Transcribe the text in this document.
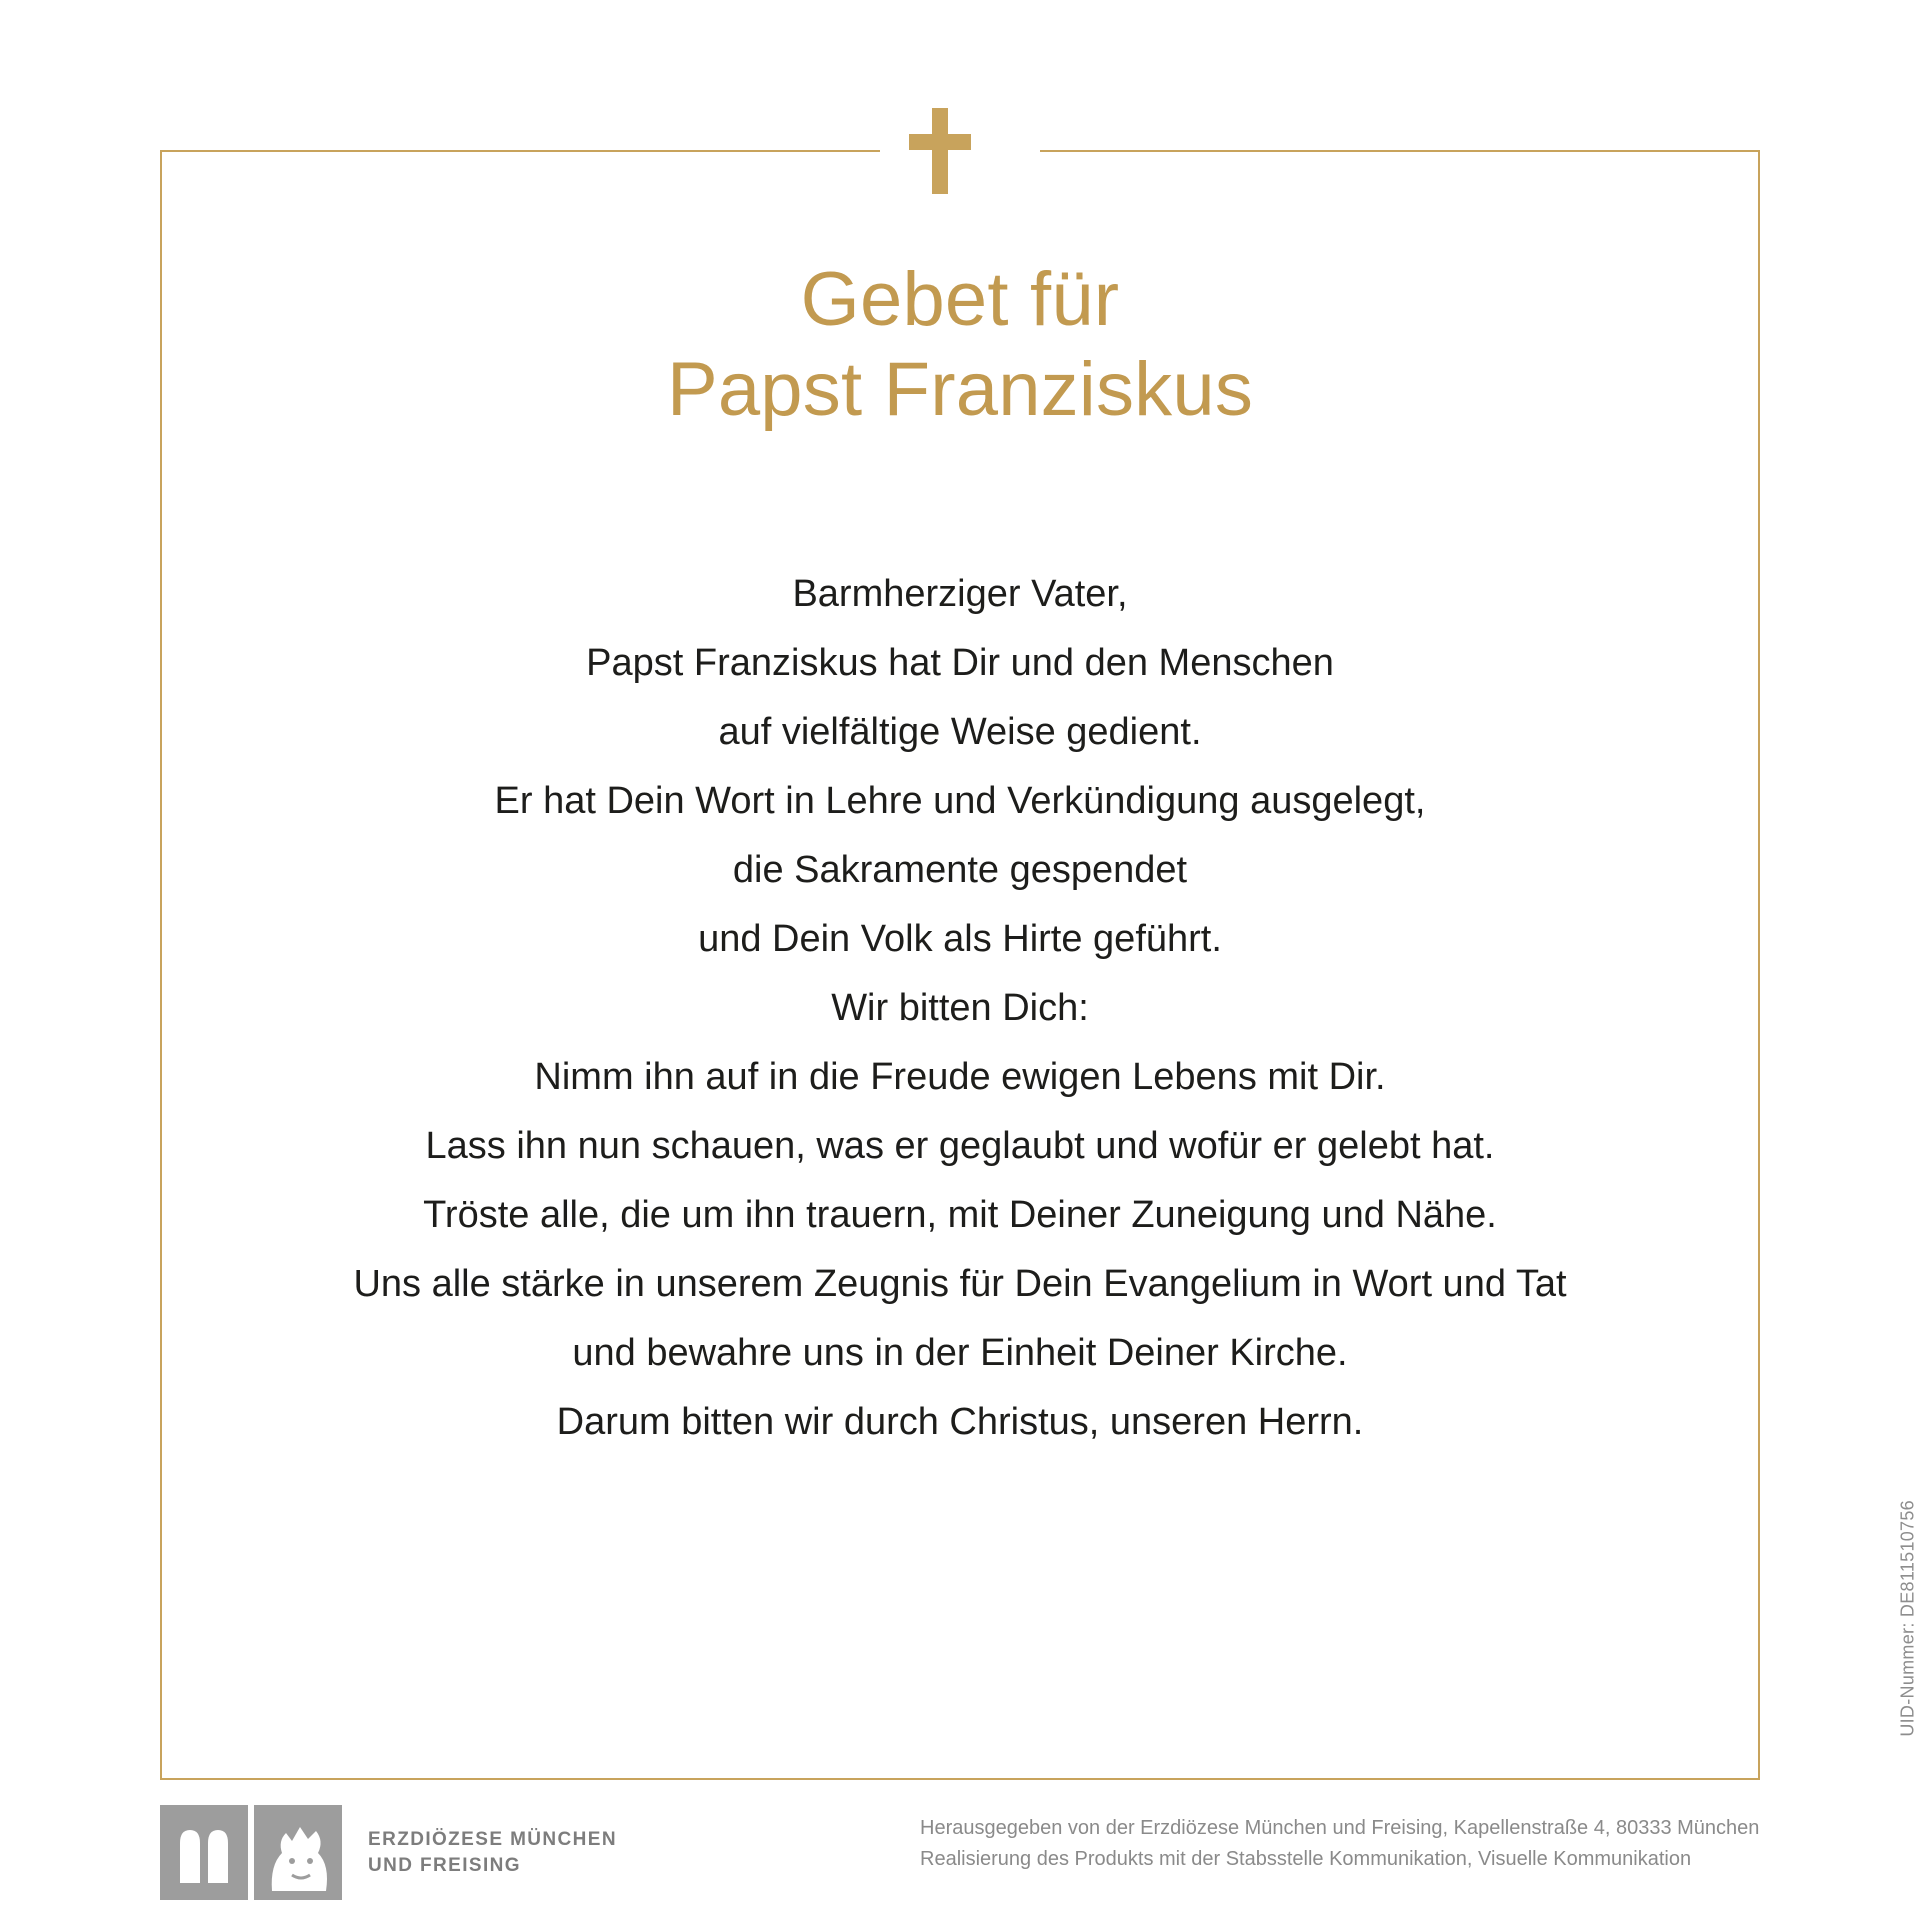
Gebet für
Papst Franziskus
Barmherziger Vater,
Papst Franziskus hat Dir und den Menschen
auf vielfältige Weise gedient.
Er hat Dein Wort in Lehre und Verkündigung ausgelegt,
die Sakramente gespendet
und Dein Volk als Hirte geführt.
Wir bitten Dich:
Nimm ihn auf in die Freude ewigen Lebens mit Dir.
Lass ihn nun schauen, was er geglaubt und wofür er gelebt hat.
Tröste alle, die um ihn trauern, mit Deiner Zuneigung und Nähe.
Uns alle stärke in unserem Zeugnis für Dein Evangelium in Wort und Tat
und bewahre uns in der Einheit Deiner Kirche.
Darum bitten wir durch Christus, unseren Herrn.
UID-Nummer: DE811510756
ERZDIÖZESE MÜNCHEN
UND FREISING
Herausgegeben von der Erzdiözese München und Freising, Kapellenstraße 4, 80333 München
Realisierung des Produkts mit der Stabsstelle Kommunikation, Visuelle Kommunikation
